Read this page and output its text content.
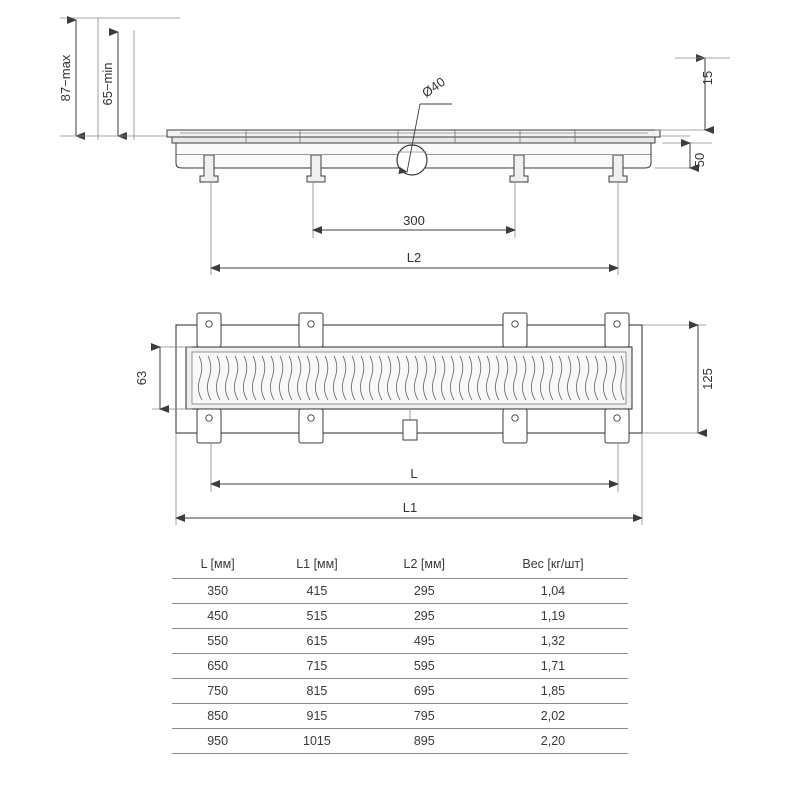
87−max 65−min	Ø40	15
50
300
L2
63	125
L
L1
L [мм]	L1 [мм]	L2 [мм]	Вес [кг/шт]
350	415	295	1,04
450	515	295	1,19
550	615	495	1,32
650	715	595	1,71
750	815	695	1,85
850	915	795	2,02
950	1015	895	2,20
